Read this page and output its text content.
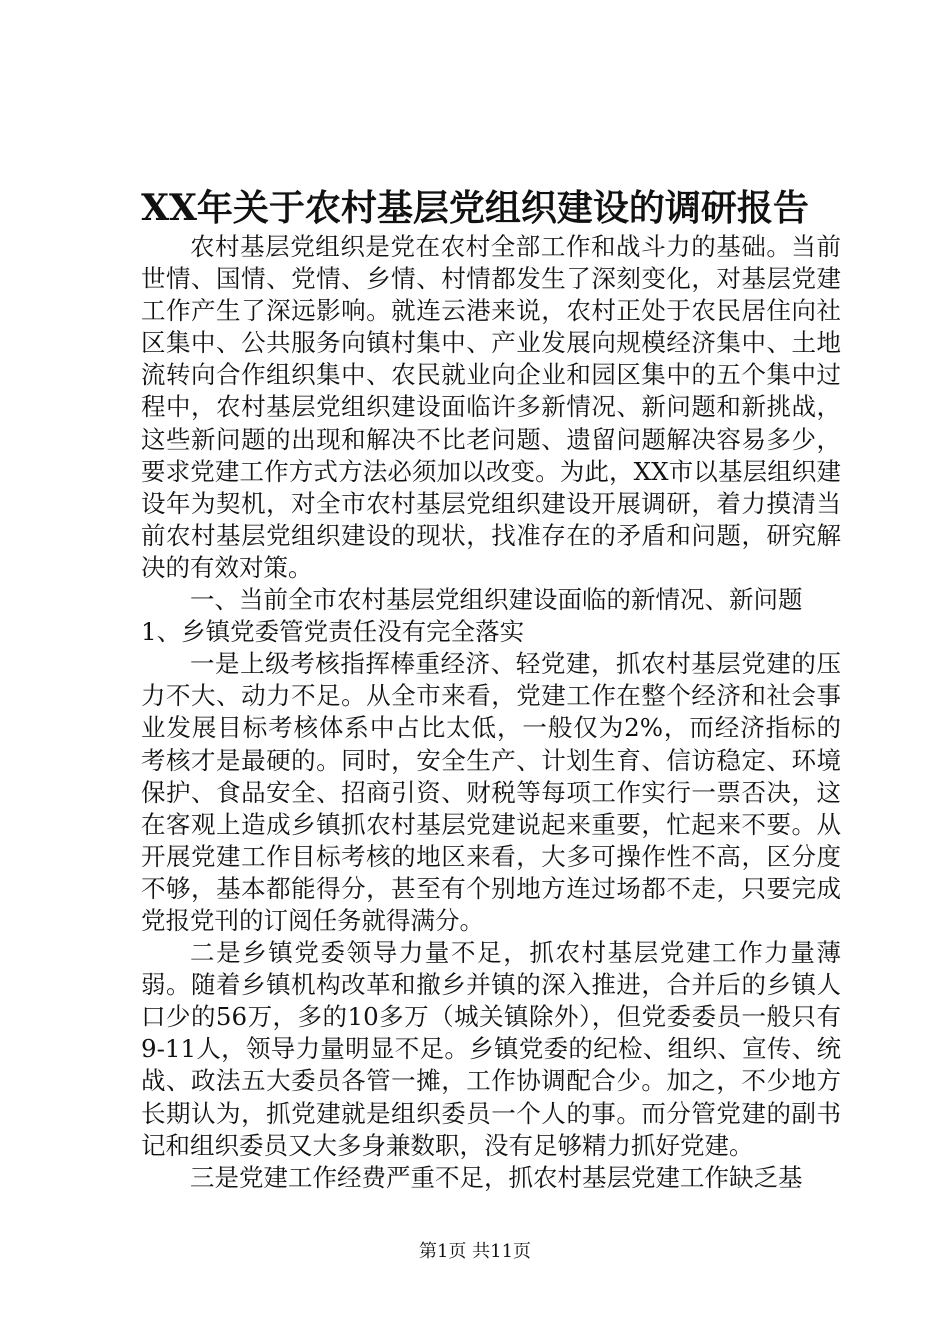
XX年关于农村基层党组织建设的调研报告

农村基层党组织是党在农村全部工作和战斗力的基础。当前世情、国情、党情、乡情、村情都发生了深刻变化，对基层党建工作产生了深远影响。就连云港来说，农村正处于农民居住向社区集中、公共服务向镇村集中、产业发展向规模经济集中、土地流转向合作组织集中、农民就业向企业和园区集中的五个集中过程中，农村基层党组织建设面临许多新情况、新问题和新挑战，这些新问题的出现和解决不比老问题、遗留问题解决容易多少，要求党建工作方式方法必须加以改变。为此，XX市以基层组织建设年为契机，对全市农村基层党组织建设开展调研，着力摸清当前农村基层党组织建设的现状，找准存在的矛盾和问题，研究解决的有效对策。

一、当前全市农村基层党组织建设面临的新情况、新问题

1、乡镇党委管党责任没有完全落实

一是上级考核指挥棒重经济、轻党建，抓农村基层党建的压力不大、动力不足。从全市来看，党建工作在整个经济和社会事业发展目标考核体系中占比太低，一般仅为2%，而经济指标的考核才是最硬的。同时，安全生产、计划生育、信访稳定、环境保护、食品安全、招商引资、财税等每项工作实行一票否决，这在客观上造成乡镇抓农村基层党建说起来重要，忙起来不要。从开展党建工作目标考核的地区来看，大多可操作性不高，区分度不够，基本都能得分，甚至有个别地方连过场都不走，只要完成党报党刊的订阅任务就得满分。

二是乡镇党委领导力量不足，抓农村基层党建工作力量薄弱。随着乡镇机构改革和撤乡并镇的深入推进，合并后的乡镇人口少的56万，多的10多万（城关镇除外），但党委委员一般只有9-11人，领导力量明显不足。乡镇党委的纪检、组织、宣传、统战、政法五大委员各管一摊，工作协调配合少。加之，不少地方长期认为，抓党建就是组织委员一个人的事。而分管党建的副书记和组织委员又大多身兼数职，没有足够精力抓好党建。

三是党建工作经费严重不足，抓农村基层党建工作缺乏基

第1页 共11页
